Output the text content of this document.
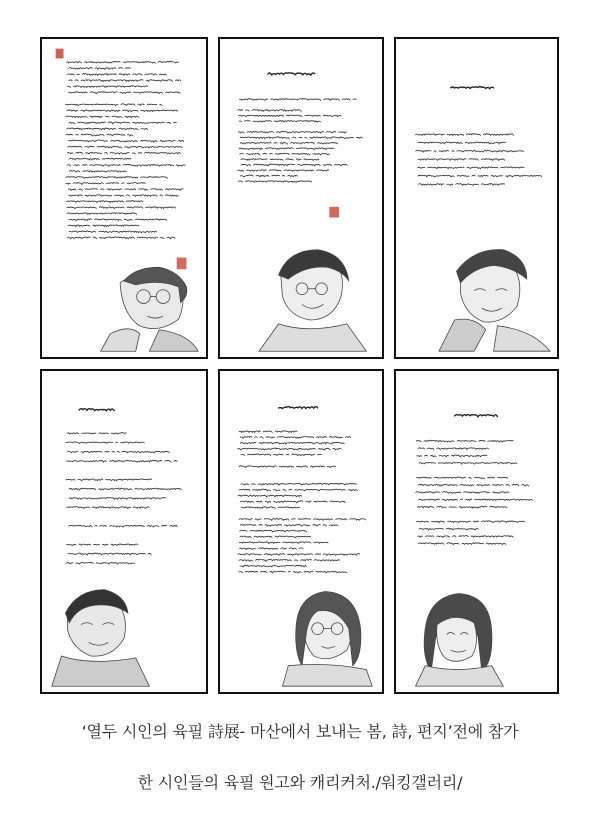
‘열두 시인의 육필 詩展- 마산에서 보내는 봄, 詩, 편지’전에 참가
한 시인들의 육필 원고와 캐리커처./워킹갤러리/
